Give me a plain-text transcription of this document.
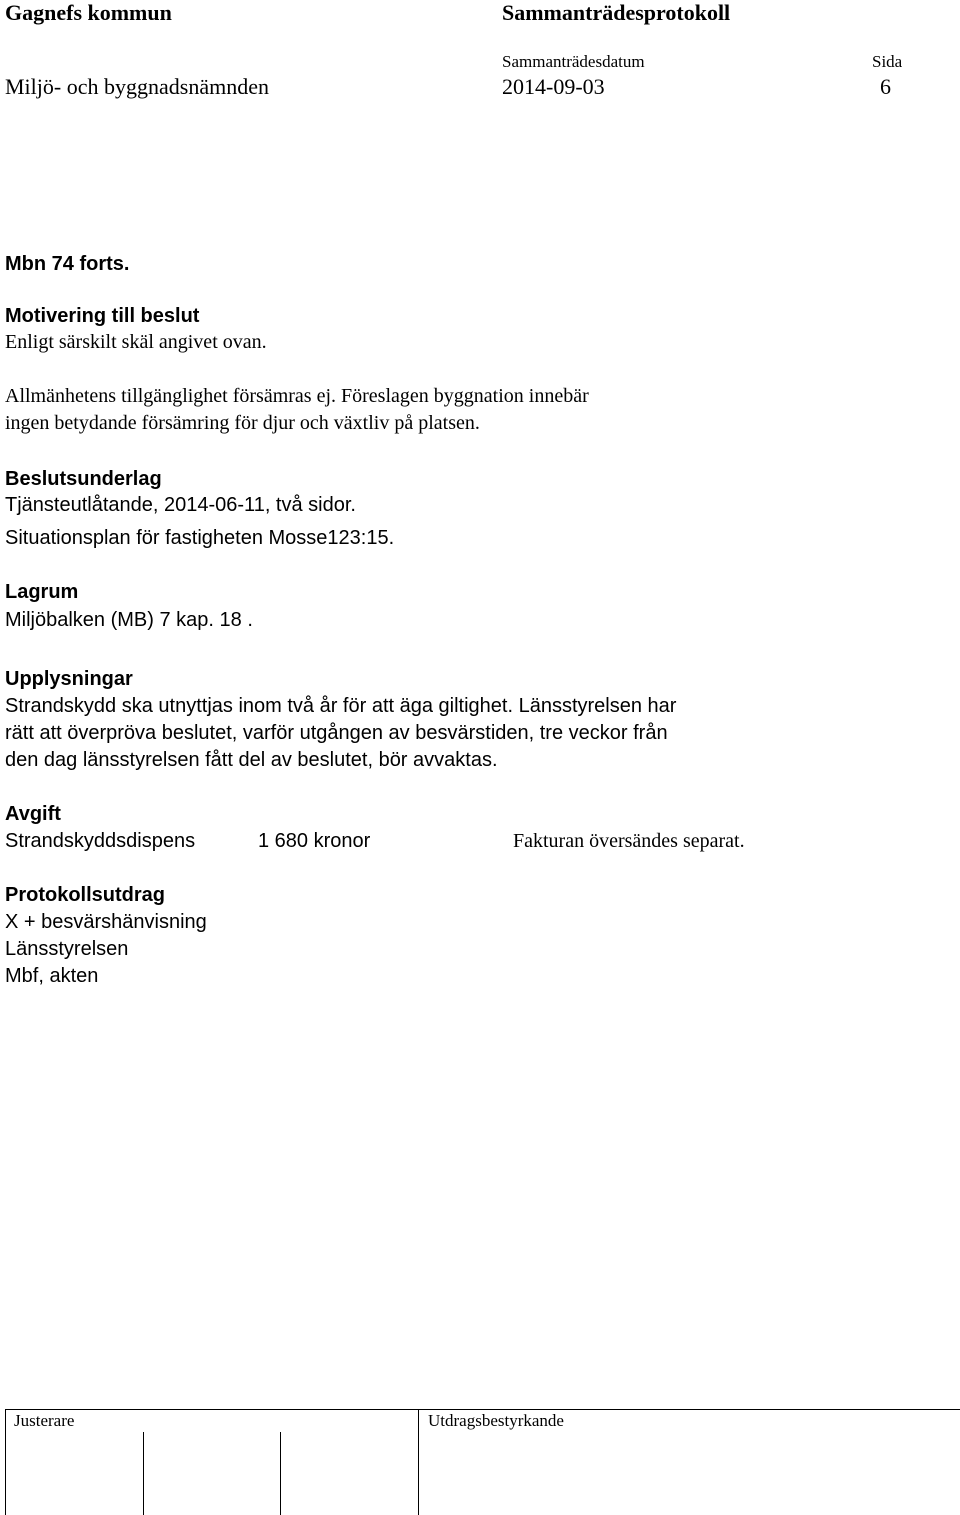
Gagnefs kommun	Sammanträdesprotokoll
Sammanträdesdatum	Sida
Miljö- och byggnadsnämnden	2014-09-03	6
Mbn 74 forts.
Motivering till beslut
Enligt särskilt skäl angivet ovan.
Allmänhetens tillgänglighet försämras ej. Föreslagen byggnation innebär
ingen betydande försämring för djur och växtliv på platsen.
Beslutsunderlag
Tjänsteutlåtande, 2014-06-11, två sidor.
Situationsplan för fastigheten Mosse123:15.
Lagrum
Miljöbalken (MB) 7 kap. 18 .
Upplysningar
Strandskydd ska utnyttjas inom två år för att äga giltighet. Länsstyrelsen har
rätt att överpröva beslutet, varför utgången av besvärstiden, tre veckor från
den dag länsstyrelsen fått del av beslutet, bör avvaktas.
Avgift
Strandskyddsdispens	1 680 kronor	Fakturan översändes separat.
Protokollsutdrag
X + besvärshänvisning
Länsstyrelsen
Mbf, akten
Justerare	Utdragsbestyrkande
